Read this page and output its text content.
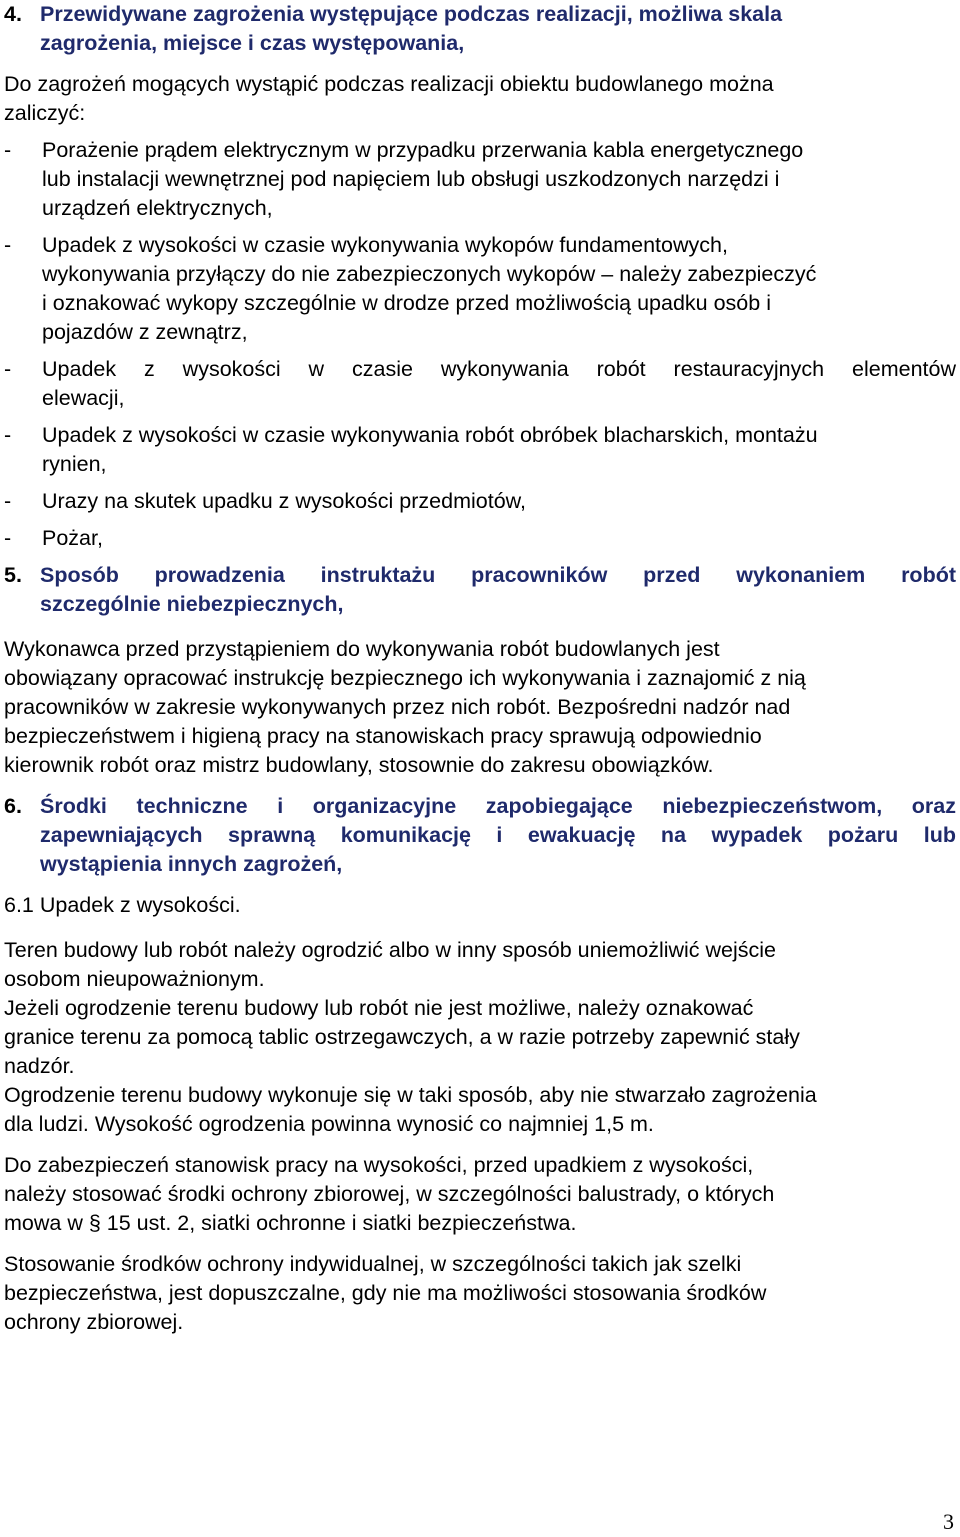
4. Przewidywane zagrożenia występujące podczas realizacji, możliwa skala
zagrożenia, miejsce i czas występowania,

Do zagrożeń mogących wystąpić podczas realizacji obiektu budowlanego można
zaliczyć:

-	Porażenie prądem elektrycznym w przypadku przerwania kabla energetycznego
lub instalacji wewnętrznej pod napięciem lub obsługi uszkodzonych narzędzi i
urządzeń elektrycznych,
-	Upadek z wysokości w czasie wykonywania wykopów fundamentowych,
wykonywania przyłączy do nie zabezpieczonych wykopów – należy zabezpieczyć
i oznakować wykopy szczególnie w drodze przed możliwością upadku osób i
pojazdów z zewnątrz,
-	Upadek z wysokości w czasie wykonywania robót restauracyjnych elementów
elewacji,
-	Upadek z wysokości w czasie wykonywania robót obróbek blacharskich, montażu
rynien,
-	Urazy na skutek upadku z wysokości przedmiotów,
-	Pożar,
5. Sposób prowadzenia instruktażu pracowników przed wykonaniem robót
szczególnie niebezpiecznych,

Wykonawca przed przystąpieniem do wykonywania robót budowlanych jest
obowiązany opracować instrukcję bezpiecznego ich wykonywania i zaznajomić z nią
pracowników w zakresie wykonywanych przez nich robót. Bezpośredni nadzór nad
bezpieczeństwem i higieną pracy na stanowiskach pracy sprawują odpowiednio
kierownik robót oraz mistrz budowlany, stosownie do zakresu obowiązków.

6. Środki techniczne i organizacyjne zapobiegające niebezpieczeństwom, oraz
zapewniających sprawną komunikację i ewakuację na wypadek pożaru lub
wystąpienia innych zagrożeń,

6.1 Upadek z wysokości.

Teren budowy lub robót należy ogrodzić albo w inny sposób uniemożliwić wejście
osobom nieupoważnionym.
Jeżeli ogrodzenie terenu budowy lub robót nie jest możliwe, należy oznakować
granice terenu za pomocą tablic ostrzegawczych, a w razie potrzeby zapewnić stały
nadzór.
Ogrodzenie terenu budowy wykonuje się w taki sposób, aby nie stwarzało zagrożenia
dla ludzi. Wysokość ogrodzenia powinna wynosić co najmniej 1,5 m.

Do zabezpieczeń stanowisk pracy na wysokości, przed upadkiem z wysokości,
należy stosować środki ochrony zbiorowej, w szczególności balustrady, o których
mowa w § 15 ust. 2, siatki ochronne i siatki bezpieczeństwa.

Stosowanie środków ochrony indywidualnej, w szczególności takich jak szelki
bezpieczeństwa, jest dopuszczalne, gdy nie ma możliwości stosowania środków
ochrony zbiorowej.

3
